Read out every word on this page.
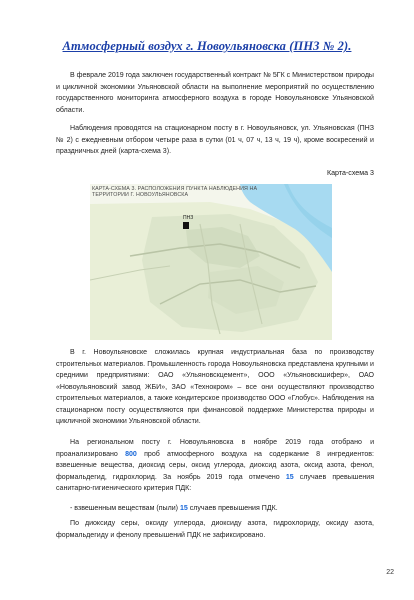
Атмосферный воздух г. Новоульяновска (ПНЗ № 2).
В феврале 2019 года заключен государственный контракт № 5ГК с Министерством природы и цикличной экономики Ульяновской области на выполнение мероприятий по осуществлению государственного мониторинга атмосферного воздуха в городе Новоульяновске Ульяновской области.
Наблюдения проводятся на стационарном посту в г. Новоульяновск, ул. Ульяновская (ПНЗ № 2) с ежедневным отбором четыре раза в сутки (01 ч, 07 ч, 13 ч, 19 ч), кроме воскресений и праздничных дней (карта-схема 3).
Карта-схема 3
ПНЗ
КАРТА-СХЕМА 3. РАСПОЛОЖЕНИЯ ПУНКТА НАБЛЮДЕНИЯ НА ТЕРРИТОРИИ Г. НОВОУЛЬЯНОВСКА
В г. Новоульяновске сложилась крупная индустриальная база по производству строительных материалов. Промышленность города Новоульяновска представлена крупными и средними предприятиями: ОАО «Ульяновскцемент», ООО «Ульяновскшифер», ОАО «Новоульяновский завод ЖБИ», ЗАО «Технокром» – все они осуществляют производство строительных материалов, а также кондитерское производство ООО «Глобус». Наблюдения на стационарном посту осуществляются при финансовой поддержке Министерства природы и цикличной экономики Ульяновской области.
На региональном посту г. Новоульяновска в ноябре 2019 года отобрано и проанализировано 800 проб атмосферного воздуха на содержание 8 ингредиентов: взвешенные вещества, диоксид серы, оксид углерода, диоксид азота, оксид азота, фенол, формальдегид, гидрохлорид. За ноябрь 2019 года отмечено 15 случаев превышения санитарно-гигиенического критерия ПДК:
- взвешенным веществам (пыли) 15 случаев превышения ПДК.
По диоксиду серы, оксиду углерода, диоксиду азота, гидрохлориду, оксиду азота, формальдегиду и фенолу превышений ПДК не зафиксировано.
22
